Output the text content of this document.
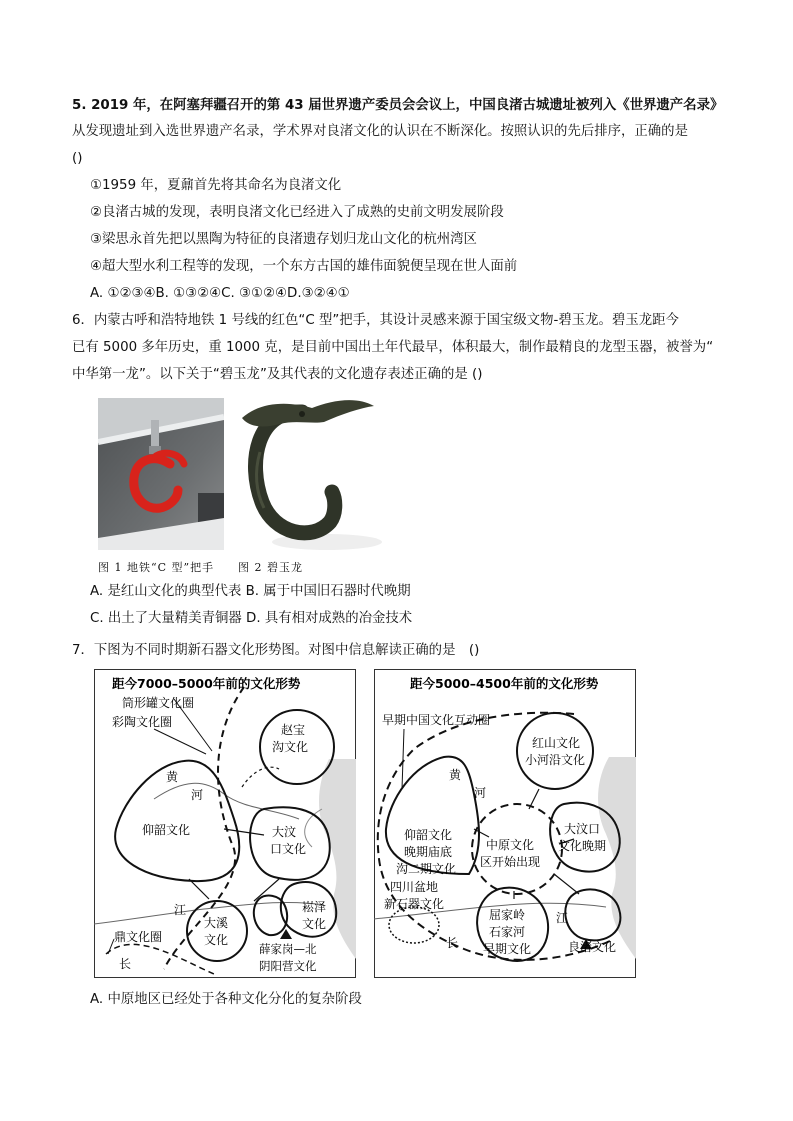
5. 2019 年，在阿塞拜疆召开的第 43 届世界遗产委员会会议上，中国良渚古城遗址被列入《世界遗产名录》
从发现遗址到入选世界遗产名录，学术界对良渚文化的认识在不断深化。按照认识的先后排序，正确的是
()
①1959 年，夏鼐首先将其命名为良渚文化
②良渚古城的发现，表明良渚文化已经进入了成熟的史前文明发展阶段
③梁思永首先把以黑陶为特征的良渚遗存划归龙山文化的杭州湾区
④超大型水利工程等的发现，一个东方古国的雄伟面貌便呈现在世人面前
A. ①②③④B. ①③②④C. ③①②④D.③②④①
6．内蒙古呼和浩特地铁 1 号线的红色“C 型”把手，其设计灵感来源于国宝级文物-碧玉龙。碧玉龙距今
已有 5000 多年历史，重 1000 克，是目前中国出土年代最早，体积最大，制作最精良的龙型玉器，被誉为“
中华第一龙”。以下关于“碧玉龙”及其代表的文化遗存表述正确的是 ()
图 1 地铁“C 型”把手 图 2 碧玉龙
A. 是红山文化的典型代表 B. 属于中国旧石器时代晚期
C. 出土了大量精美青铜器 D. 具有相对成熟的冶金技术
7．下图为不同时期新石器文化形势图。对图中信息解读正确的是　()
距今7000–5000年前的文化形势
筒形罐文化圈
彩陶文化圈
赵宝
沟文化
黄
河
仰韶文化	大汶
口文化
江
大溪
文化
崧泽
文化
鼎文化圈
长
薛家岗—北
阴阳营文化
距今5000–4500年前的文化形势
早期中国文化互动圈
红山文化
小河沿文化
黄
河
仰韶文化
晚期庙底
沟二期文化
中原文化
区开始出现
大汶口
文化晚期
四川盆地
新石器文化
屈家岭
石家河
早期文化
江
长	良渚文化
A. 中原地区已经处于各种文化分化的复杂阶段
